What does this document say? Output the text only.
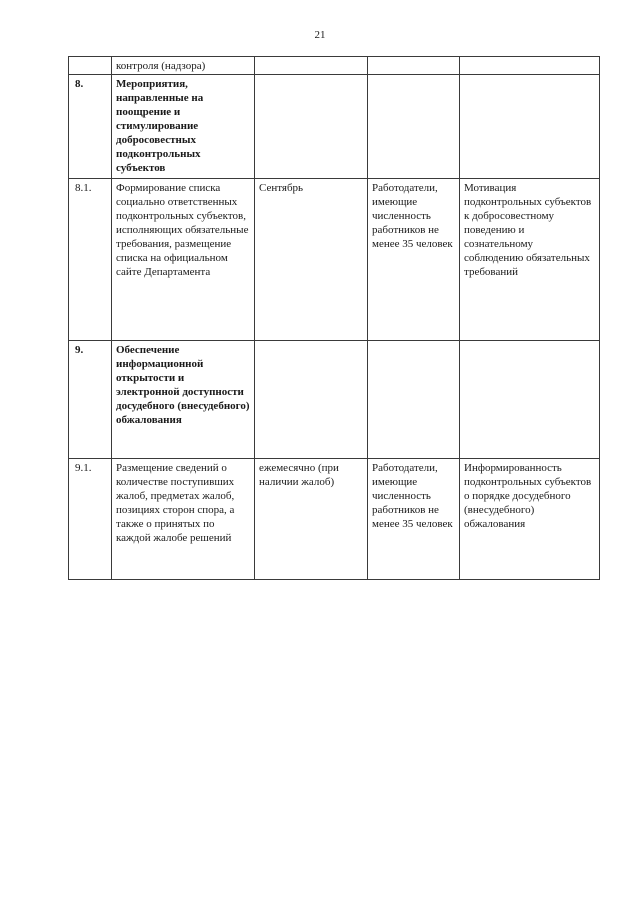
21

	контроля (надзора)			

8.	Мероприятия, направленные на поощрение и стимулирование добросовестных подконтрольных субъектов			

8.1.	Формирование списка социально ответственных подконтрольных субъектов, исполняющих обязательные требования, размещение списка на официальном сайте Департамента	Сентябрь	Работодатели, имеющие численность работников не менее 35 человек	Мотивация подконтрольных субъектов к добросовестному поведению и сознательному соблюдению обязательных требований

9.	Обеспечение информационной открытости и электронной доступности досудебного (внесудебного) обжалования			

9.1.	Размещение сведений о количестве поступивших жалоб, предметах жалоб, позициях сторон спора, а также о принятых по каждой жалобе решений	ежемесячно (при наличии жалоб)	Работодатели, имеющие численность работников не менее 35 человек	Информированность подконтрольных субъектов о порядке досудебного (внесудебного) обжалования
